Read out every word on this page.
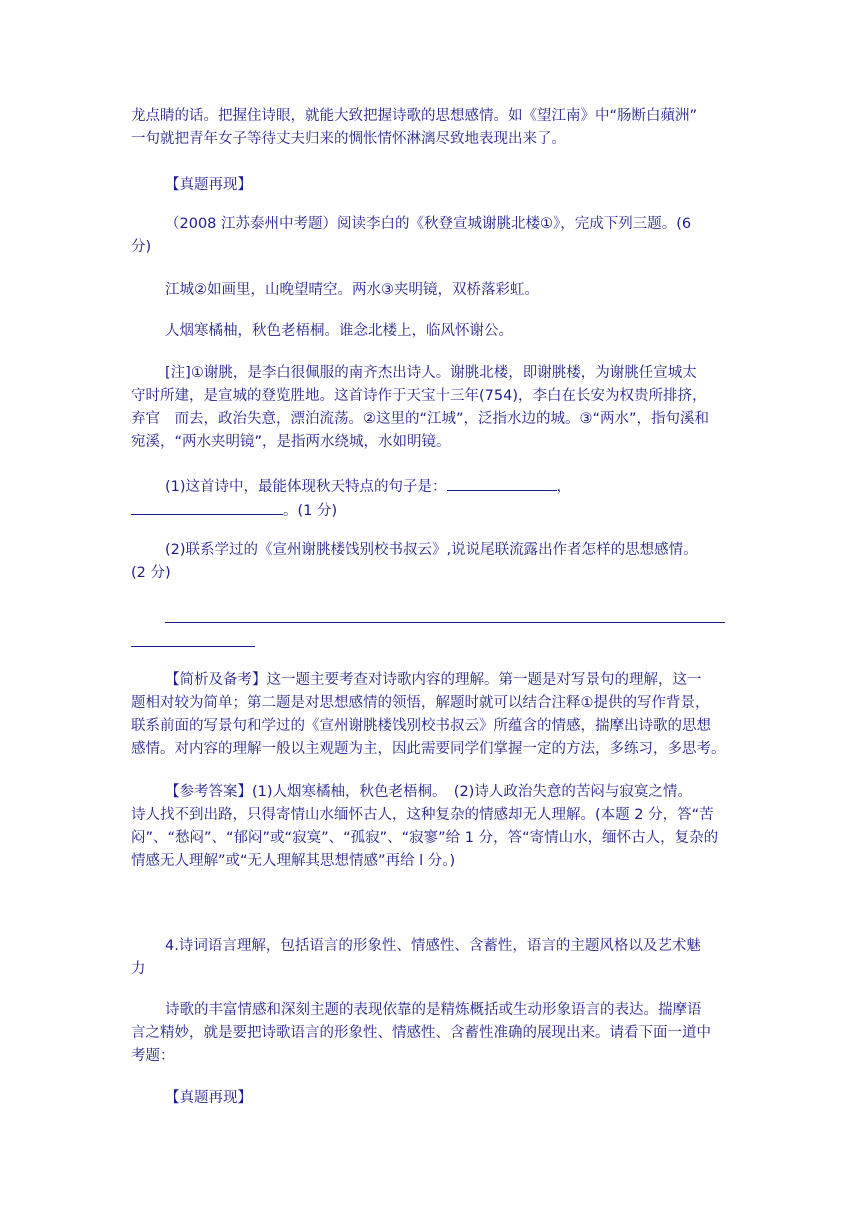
龙点睛的话。把握住诗眼，就能大致把握诗歌的思想感情。如《望江南》中“肠断白蘋洲”
一句就把青年女子等待丈夫归来的惆怅情怀淋漓尽致地表现出来了。

【真题再现】

（2008 江苏泰州中考题）阅读李白的《秋登宣城谢朓北楼①》，完成下列三题。(6
分)

江城②如画里，山晚望晴空。两水③夹明镜，双桥落彩虹。

人烟寒橘柚，秋色老梧桐。谁念北楼上，临风怀谢公。

[注]①谢朓，是李白很佩服的南齐杰出诗人。谢朓北楼，即谢朓楼，为谢朓任宣城太
守时所建，是宣城的登览胜地。这首诗作于天宝十三年(754)，李白在长安为权贵所排挤，
弃官　而去，政治失意，漂泊流荡。②这里的“江城”，泛指水边的城。③“两水”，指句溪和
宛溪，“两水夹明镜”，是指两水绕城，水如明镜。

(1)这首诗中，最能体现秋天特点的句子是：	，
。(1 分)

(2)联系学过的《宣州谢朓楼饯别校书叔云》,说说尾联流露出作者怎样的思想感情。
(2 分)

【简析及备考】这一题主要考查对诗歌内容的理解。第一题是对写景句的理解，这一
题相对较为简单；第二题是对思想感情的领悟，解题时就可以结合注释①提供的写作背景，
联系前面的写景句和学过的《宣州谢朓楼饯别校书叔云》所蕴含的情感，揣摩出诗歌的思想
感情。对内容的理解一般以主观题为主，因此需要同学们掌握一定的方法，多练习，多思考。

【参考答案】(1)人烟寒橘柚，秋色老梧桐。　(2)诗人政治失意的苦闷与寂寞之情。
诗人找不到出路，只得寄情山水缅怀古人，这种复杂的情感却无人理解。(本题 2 分，答“苦
闷”、“愁闷”、“郁闷”或“寂寞”、“孤寂”、“寂寥”给 1 分，答“寄情山水，缅怀古人，复杂的
情感无人理解”或“无人理解其思想情感”再给 l 分。)

4.诗词语言理解，包括语言的形象性、情感性、含蓄性，语言的主题风格以及艺术魅
力

诗歌的丰富情感和深刻主题的表现依靠的是精炼概括或生动形象语言的表达。揣摩语
言之精妙，就是要把诗歌语言的形象性、情感性、含蓄性准确的展现出来。请看下面一道中
考题：

【真题再现】
